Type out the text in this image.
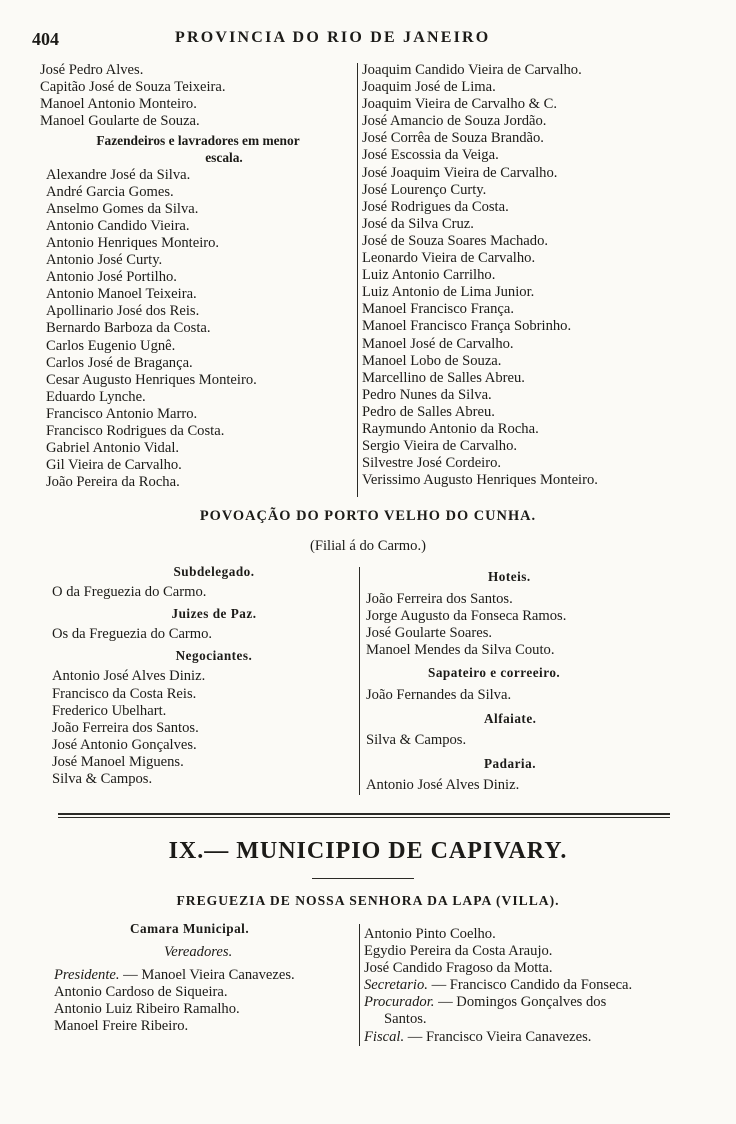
404	PROVINCIA DO RIO DE JANEIRO
José Pedro Alves.
Capitão José de Souza Teixeira.
Manoel Antonio Monteiro.
Manoel Goularte de Souza.
Fazendeiros e lavradores em menor
escala.
Alexandre José da Silva.
André Garcia Gomes.
Anselmo Gomes da Silva.
Antonio Candido Vieira.
Antonio Henriques Monteiro.
Antonio José Curty.
Antonio José Portilho.
Antonio Manoel Teixeira.
Apollinario José dos Reis.
Bernardo Barboza da Costa.
Carlos Eugenio Ugnê.
Carlos José de Bragança.
Cesar Augusto Henriques Monteiro.
Eduardo Lynche.
Francisco Antonio Marro.
Francisco Rodrigues da Costa.
Gabriel Antonio Vidal.
Gil Vieira de Carvalho.
João Pereira da Rocha.
Joaquim Candido Vieira de Carvalho.
Joaquim José de Lima.
Joaquim Vieira de Carvalho & C.
José Amancio de Souza Jordão.
José Corrêa de Souza Brandão.
José Escossia da Veiga.
José Joaquim Vieira de Carvalho.
José Lourenço Curty.
José Rodrigues da Costa.
José da Silva Cruz.
José de Souza Soares Machado.
Leonardo Vieira de Carvalho.
Luiz Antonio Carrilho.
Luiz Antonio de Lima Junior.
Manoel Francisco França.
Manoel Francisco França Sobrinho.
Manoel José de Carvalho.
Manoel Lobo de Souza.
Marcellino de Salles Abreu.
Pedro Nunes da Silva.
Pedro de Salles Abreu.
Raymundo Antonio da Rocha.
Sergio Vieira de Carvalho.
Silvestre José Cordeiro.
Verissimo Augusto Henriques Monteiro.
POVOAÇÃO DO PORTO VELHO DO CUNHA.
(Filial á do Carmo.)
Subdelegado.
O da Freguezia do Carmo.
Juizes de Paz.
Os da Freguezia do Carmo.
Negociantes.
Antonio José Alves Diniz.
Francisco da Costa Reis.
Frederico Ubelhart.
João Ferreira dos Santos.
José Antonio Gonçalves.
José Manoel Miguens.
Silva & Campos.
Hoteis.
João Ferreira dos Santos.
Jorge Augusto da Fonseca Ramos.
José Goularte Soares.
Manoel Mendes da Silva Couto.
Sapateiro e correeiro.
João Fernandes da Silva.
Alfaiate.
Silva & Campos.
Padaria.
Antonio José Alves Diniz.
IX.— MUNICIPIO DE CAPIVARY.
FREGUEZIA DE NOSSA SENHORA DA LAPA (VILLA).
Camara Municipal.
Vereadores.
Presidente. — Manoel Vieira Canavezes.
Antonio Cardoso de Siqueira.
Antonio Luiz Ribeiro Ramalho.
Manoel Freire Ribeiro.
Antonio Pinto Coelho.
Egydio Pereira da Costa Araujo.
José Candido Fragoso da Motta.
Secretario. — Francisco Candido da Fonseca.
Procurador. — Domingos Gonçalves dos
Santos.
Fiscal. — Francisco Vieira Canavezes.
